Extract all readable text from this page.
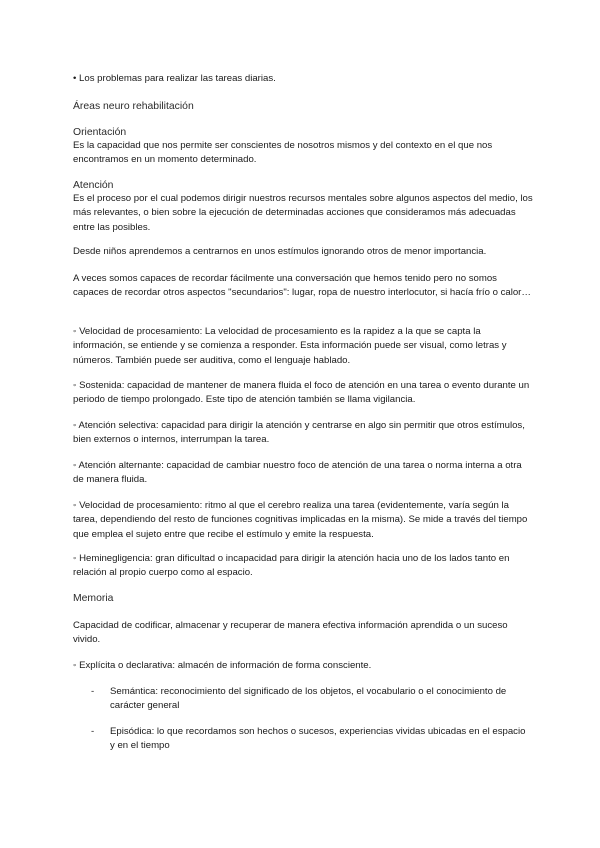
• Los problemas para realizar las tareas diarias.

Áreas neuro rehabilitación

Orientación

Es la capacidad que nos permite ser conscientes de nosotros mismos y del contexto en el que nos encontramos en un momento determinado.

Atención

Es el proceso por el cual podemos dirigir nuestros recursos mentales sobre algunos aspectos del medio, los más relevantes, o bien sobre la ejecución de determinadas acciones que consideramos más adecuadas entre las posibles.

Desde niños aprendemos a centrarnos en unos estímulos ignorando otros de menor importancia.

A veces somos capaces de recordar fácilmente una conversación que hemos tenido pero no somos capaces de recordar otros aspectos "secundarios": lugar, ropa de nuestro interlocutor, si hacía frío o calor…

◦ Velocidad de procesamiento: La velocidad de procesamiento es la rapidez a la que se capta la información, se entiende y se comienza a responder. Esta información puede ser visual, como letras y números. También puede ser auditiva, como el lenguaje hablado.

◦ Sostenida: capacidad de mantener de manera fluida el foco de atención en una tarea o evento durante un periodo de tiempo prolongado. Este tipo de atención también se llama vigilancia.

◦ Atención selectiva: capacidad para dirigir la atención y centrarse en algo sin permitir que otros estímulos, bien externos o internos, interrumpan la tarea.

◦ Atención alternante: capacidad de cambiar nuestro foco de atención de una tarea o norma interna a otra de manera fluida.

◦ Velocidad de procesamiento: ritmo al que el cerebro realiza una tarea (evidentemente, varía según la tarea, dependiendo del resto de funciones cognitivas implicadas en la misma). Se mide a través del tiempo que emplea el sujeto entre que recibe el estímulo y emite la respuesta.

◦ Heminegligencia: gran dificultad o incapacidad para dirigir la atención hacia uno de los lados tanto en relación al propio cuerpo como al espacio.

Memoria

Capacidad de codificar, almacenar y recuperar de manera efectiva información aprendida o un suceso vivido.

◦ Explícita o declarativa: almacén de información de forma consciente.

- Semántica: reconocimiento del significado de los objetos, el vocabulario o el conocimiento de carácter general
- Episódica: lo que recordamos son hechos o sucesos, experiencias vividas ubicadas en el espacio y en el tiempo
